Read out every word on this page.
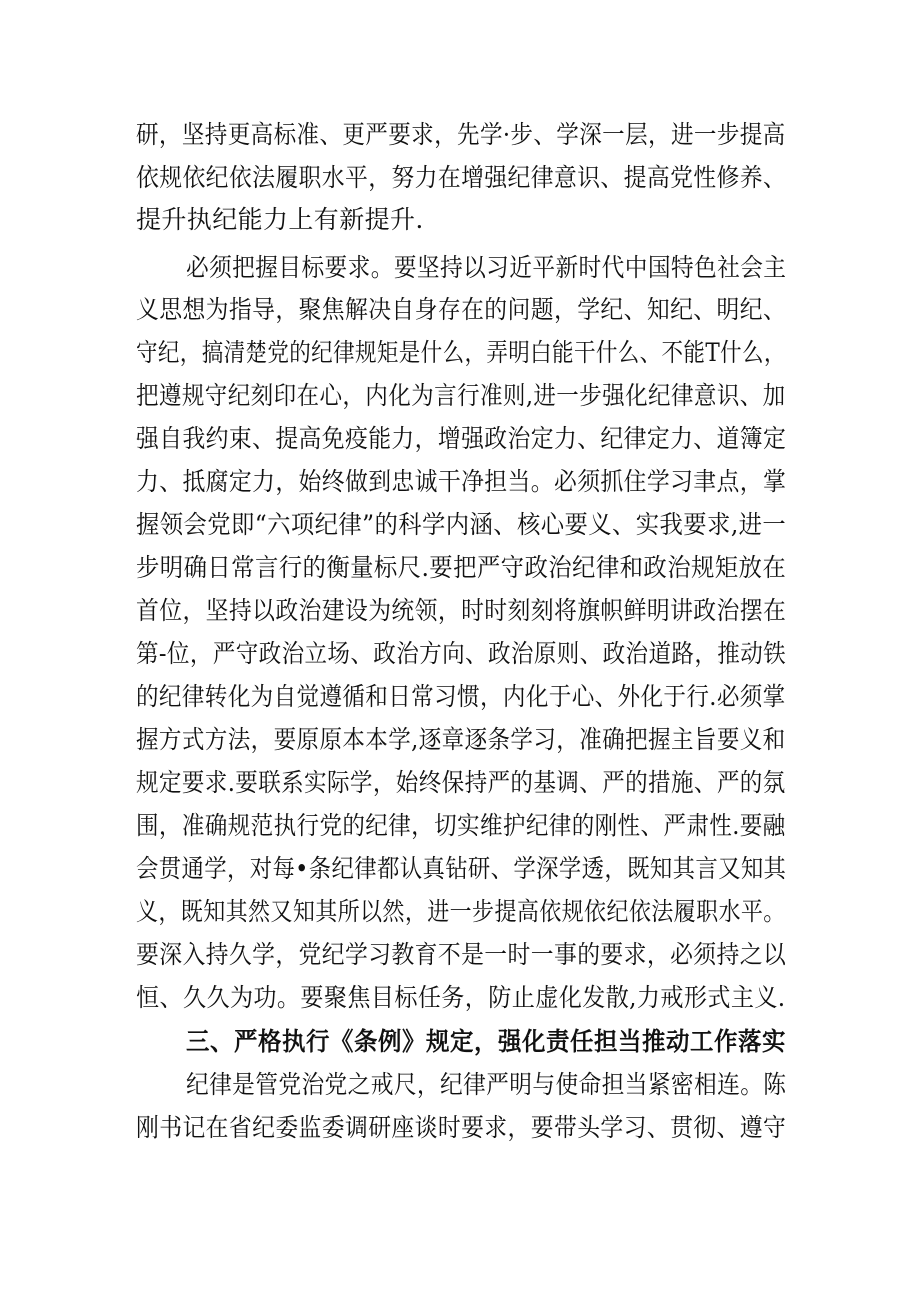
研，坚持更高标准、更严要求，先学·步、学深一层，进一步提高
依规依纪依法履职水平，努力在增强纪律意识、提高党性修养、
提升执纪能力上有新提升.
必须把握目标要求。要坚持以习近平新时代中国特色社会主
义思想为指导，聚焦解决自身存在的问题，学纪、知纪、明纪、
守纪，搞清楚党的纪律规矩是什么，弄明白能干什么、不能T什么，
把遵规守纪刻印在心，内化为言行准则,进一步强化纪律意识、加
强自我约束、提高免疫能力，增强政治定力、纪律定力、道簿定
力、抵腐定力，始终做到忠诚干净担当。必须抓住学习聿点，掌
握领会党即“六项纪律”的科学内涵、核心要义、实我要求,进一
步明确日常言行的衡量标尺.要把严守政治纪律和政治规矩放在
首位，坚持以政治建设为统领，时时刻刻将旗帜鲜明讲政治摆在
第-位，严守政治立场、政治方向、政治原则、政治道路，推动铁
的纪律转化为自觉遵循和日常习惯，内化于心、外化于行.必须掌
握方式方法，要原原本本学,逐章逐条学习，准确把握主旨要义和
规定要求.要联系实际学，始终保持严的基调、严的措施、严的氛
围，准确规范执行党的纪律，切实维护纪律的刚性、严肃性.要融
会贯通学，对每•条纪律都认真钻研、学深学透，既知其言又知其
义，既知其然又知其所以然，进一步提高依规依纪依法履职水平。
要深入持久学，党纪学习教育不是一时一事的要求，必须持之以
恒、久久为功。要聚焦目标任务，防止虚化发散,力戒形式主义.
三、严格执行《条例》规定，强化责任担当推动工作落实
纪律是管党治党之戒尺，纪律严明与使命担当紧密相连。陈
刚书记在省纪委监委调研座谈时要求，要带头学习、贯彻、遵守
